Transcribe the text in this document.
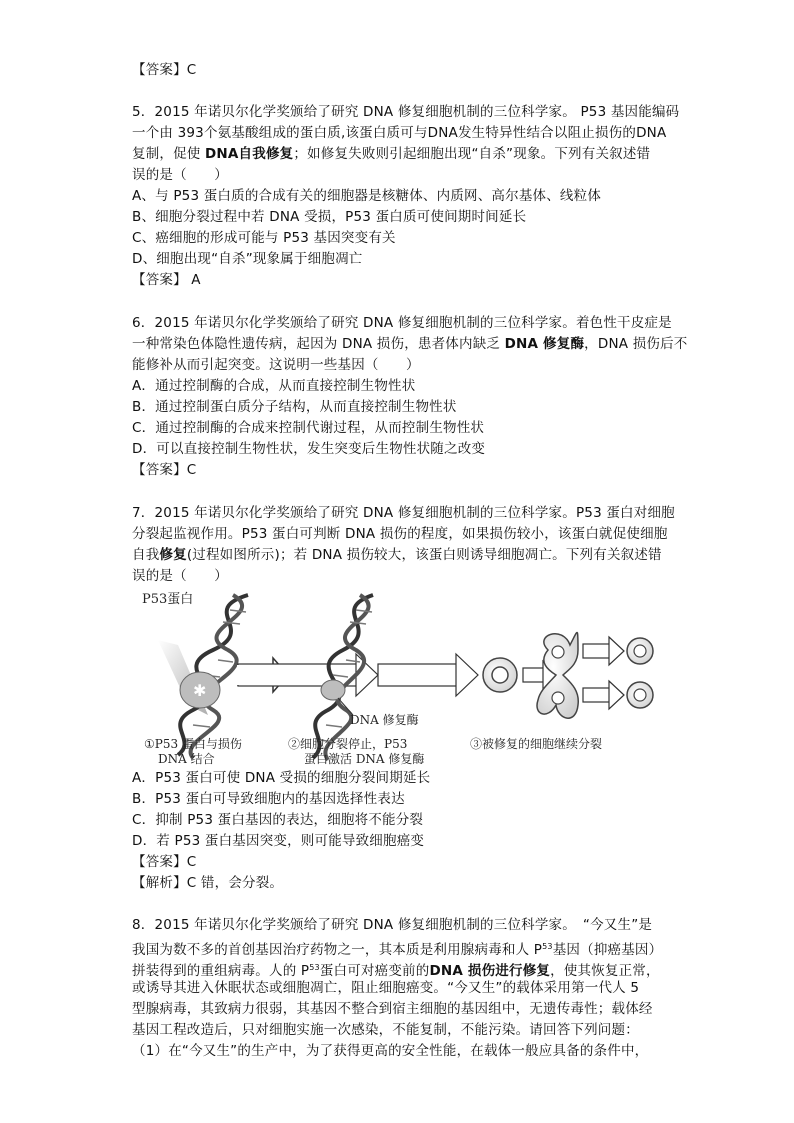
【答案】C
5．2015 年诺贝尔化学奖颁给了研究 DNA 修复细胞机制的三位科学家。 P53 基因能编码
一个由 393个氨基酸组成的蛋白质,该蛋白质可与DNA发生特异性结合以阻止损伤的DNA
复制，促使 DNA自我修复；如修复失败则引起细胞出现“自杀”现象。下列有关叙述错
误的是（　　）
A、与 P53 蛋白质的合成有关的细胞器是核糖体、内质网、高尔基体、线粒体
B、细胞分裂过程中若 DNA 受损，P53 蛋白质可使间期时间延长
C、癌细胞的形成可能与 P53 基因突变有关
D、细胞出现“自杀”现象属于细胞凋亡
【答案】 A
6．2015 年诺贝尔化学奖颁给了研究 DNA 修复细胞机制的三位科学家。着色性干皮症是
一种常染色体隐性遗传病，起因为 DNA 损伤，患者体内缺乏 DNA 修复酶，DNA 损伤后不
能修补从而引起突变。这说明一些基因（　　）
A．通过控制酶的合成，从而直接控制生物性状
B．通过控制蛋白质分子结构，从而直接控制生物性状
C．通过控制酶的合成来控制代谢过程，从而控制生物性状
D．可以直接控制生物性状，发生突变后生物性状随之改变
【答案】C
7．2015 年诺贝尔化学奖颁给了研究 DNA 修复细胞机制的三位科学家。P53 蛋白对细胞
分裂起监视作用。P53 蛋白可判断 DNA 损伤的程度，如果损伤较小，该蛋白就促使细胞
自我修复(过程如图所示)；若 DNA 损伤较大，该蛋白则诱导细胞凋亡。下列有关叙述错
误的是（　　）
✱
P53蛋白
DNA 修复酶
①P53 蛋白与损伤
DNA 结合
②细胞分裂停止，P53
蛋白激活 DNA 修复酶
③被修复的细胞继续分裂
A．P53 蛋白可使 DNA 受损的细胞分裂间期延长
B．P53 蛋白可导致细胞内的基因选择性表达
C．抑制 P53 蛋白基因的表达，细胞将不能分裂
D．若 P53 蛋白基因突变，则可能导致细胞癌变
【答案】C
【解析】C 错，会分裂。
8．2015 年诺贝尔化学奖颁给了研究 DNA 修复细胞机制的三位科学家。　“今又生”是
我国为数不多的首创基因治疗药物之一，其本质是利用腺病毒和人 $P^{53}$基因（抑癌基因）
拼装得到的重组病毒。人的 $P^{53}$蛋白可对癌变前的DNA 损伤进行修复，使其恢复正常，
或诱导其进入休眠状态或细胞凋亡，阻止细胞癌变。“今又生”的载体采用第一代人 5
型腺病毒，其致病力很弱，其基因不整合到宿主细胞的基因组中，无遗传毒性；载体经
基因工程改造后，只对细胞实施一次感染，不能复制，不能污染。请回答下列问题：
（1）在“今又生”的生产中，为了获得更高的安全性能，在载体一般应具备的条件中，
